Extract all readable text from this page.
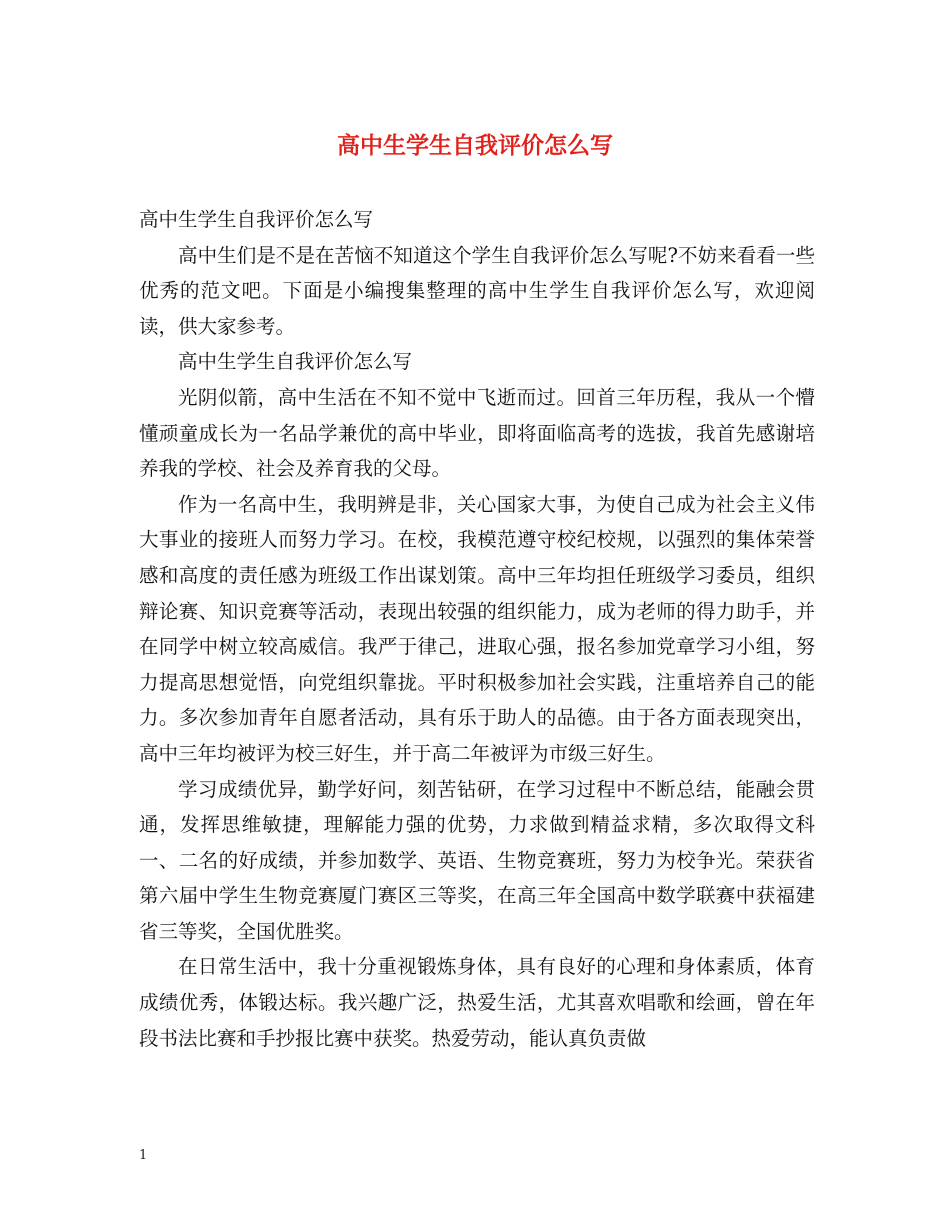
高中生学生自我评价怎么写

高中生学生自我评价怎么写

高中生们是不是在苦恼不知道这个学生自我评价怎么写呢?不妨来看看一些优秀的范文吧。下面是小编搜集整理的高中生学生自我评价怎么写，欢迎阅读，供大家参考。

高中生学生自我评价怎么写

光阴似箭，高中生活在不知不觉中飞逝而过。回首三年历程，我从一个懵懂顽童成长为一名品学兼优的高中毕业，即将面临高考的选拔，我首先感谢培养我的学校、社会及养育我的父母。

作为一名高中生，我明辨是非，关心国家大事，为使自己成为社会主义伟大事业的接班人而努力学习。在校，我模范遵守校纪校规，以强烈的集体荣誉感和高度的责任感为班级工作出谋划策。高中三年均担任班级学习委员，组织辩论赛、知识竞赛等活动，表现出较强的组织能力，成为老师的得力助手，并在同学中树立较高威信。我严于律己，进取心强，报名参加党章学习小组，努力提高思想觉悟，向党组织靠拢。平时积极参加社会实践，注重培养自己的能力。多次参加青年自愿者活动，具有乐于助人的品德。由于各方面表现突出，高中三年均被评为校三好生，并于高二年被评为市级三好生。

学习成绩优异，勤学好问，刻苦钻研，在学习过程中不断总结，能融会贯通，发挥思维敏捷，理解能力强的优势，力求做到精益求精，多次取得文科一、二名的好成绩，并参加数学、英语、生物竞赛班，努力为校争光。荣获省第六届中学生生物竞赛厦门赛区三等奖，在高三年全国高中数学联赛中获福建省三等奖，全国优胜奖。

在日常生活中，我十分重视锻炼身体，具有良好的心理和身体素质，体育成绩优秀，体锻达标。我兴趣广泛，热爱生活，尤其喜欢唱歌和绘画，曾在年段书法比赛和手抄报比赛中获奖。热爱劳动，能认真负责做

1
